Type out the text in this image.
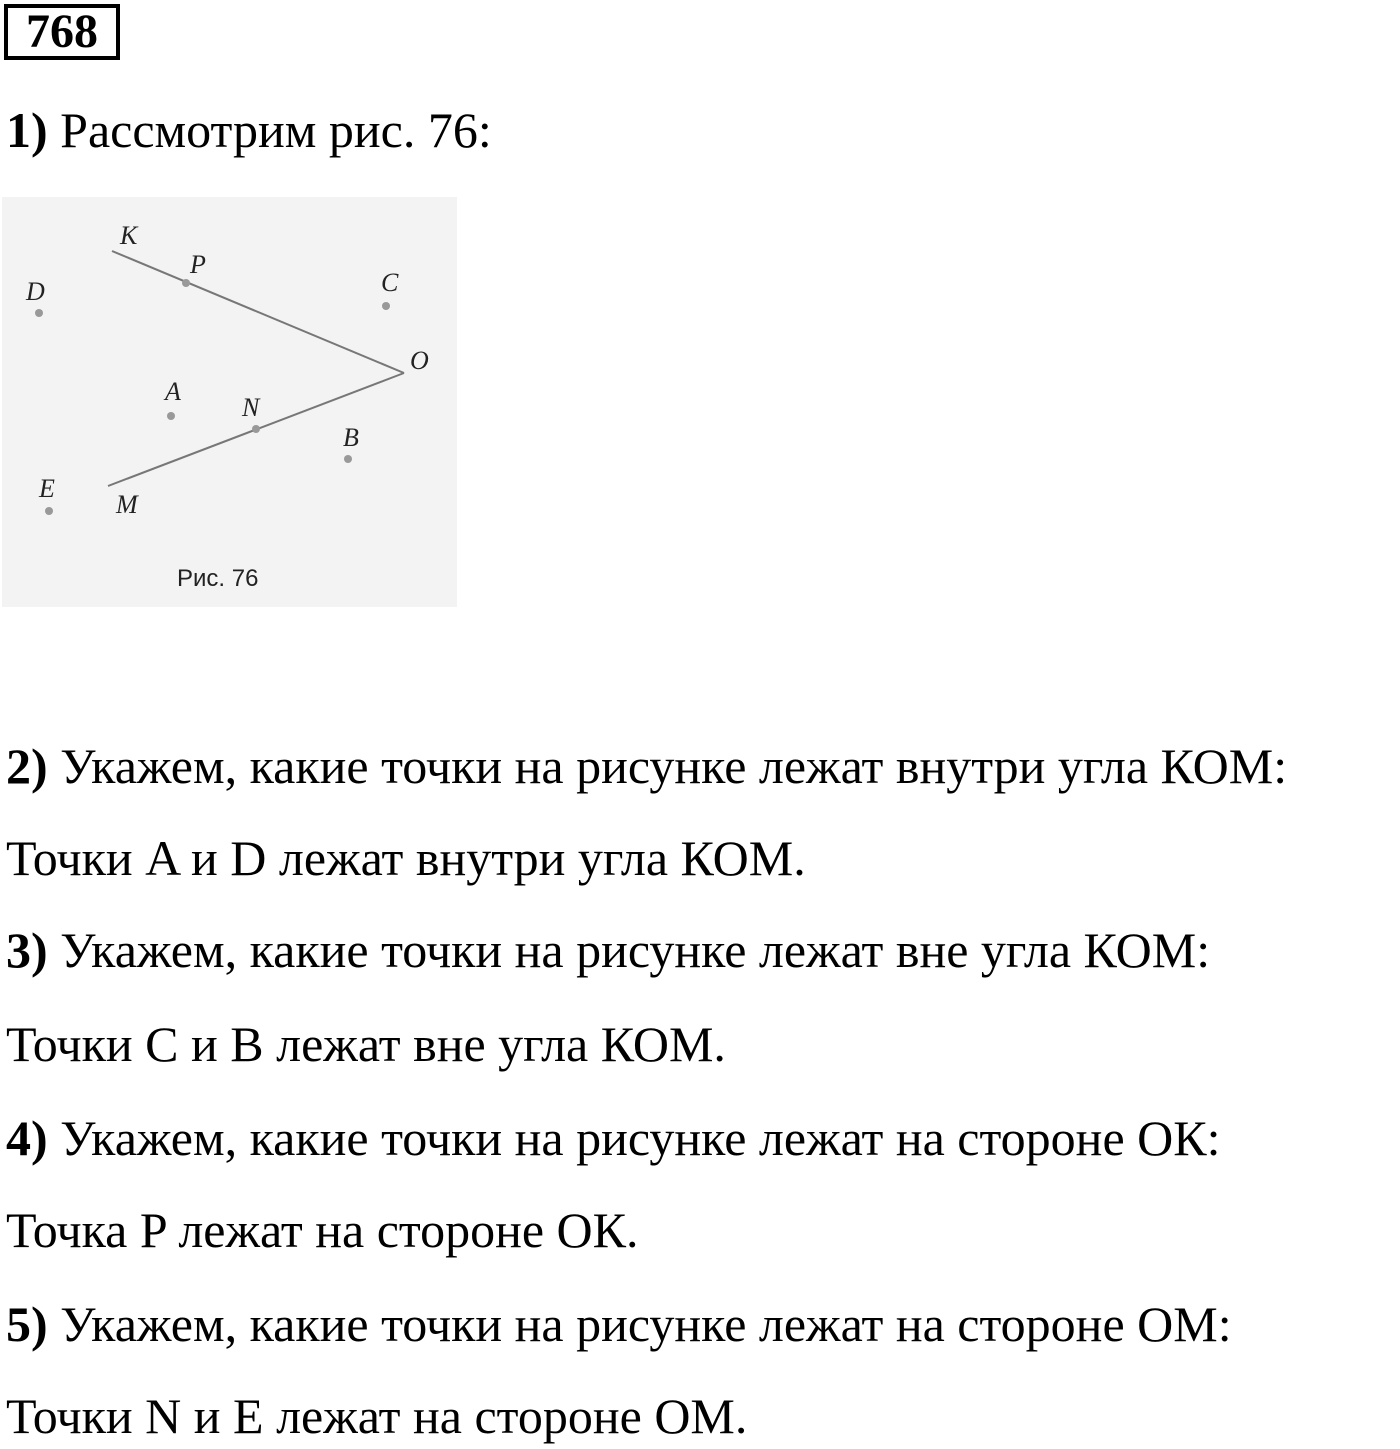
768
1) Рассмотрим рис. 76:
K
P
D	C
O
A
N
B
E
M
Рис. 76
2) Укажем, какие точки на рисунке лежат внутри угла КОМ:
Точки A и D лежат внутри угла КОМ.
3) Укажем, какие точки на рисунке лежат вне угла КОМ:
Точки C и B лежат вне угла КОМ.
4) Укажем, какие точки на рисунке лежат на стороне ОК:
Точка P лежат на стороне ОК.
5) Укажем, какие точки на рисунке лежат на стороне ОМ:
Точки N и E лежат на стороне ОМ.
